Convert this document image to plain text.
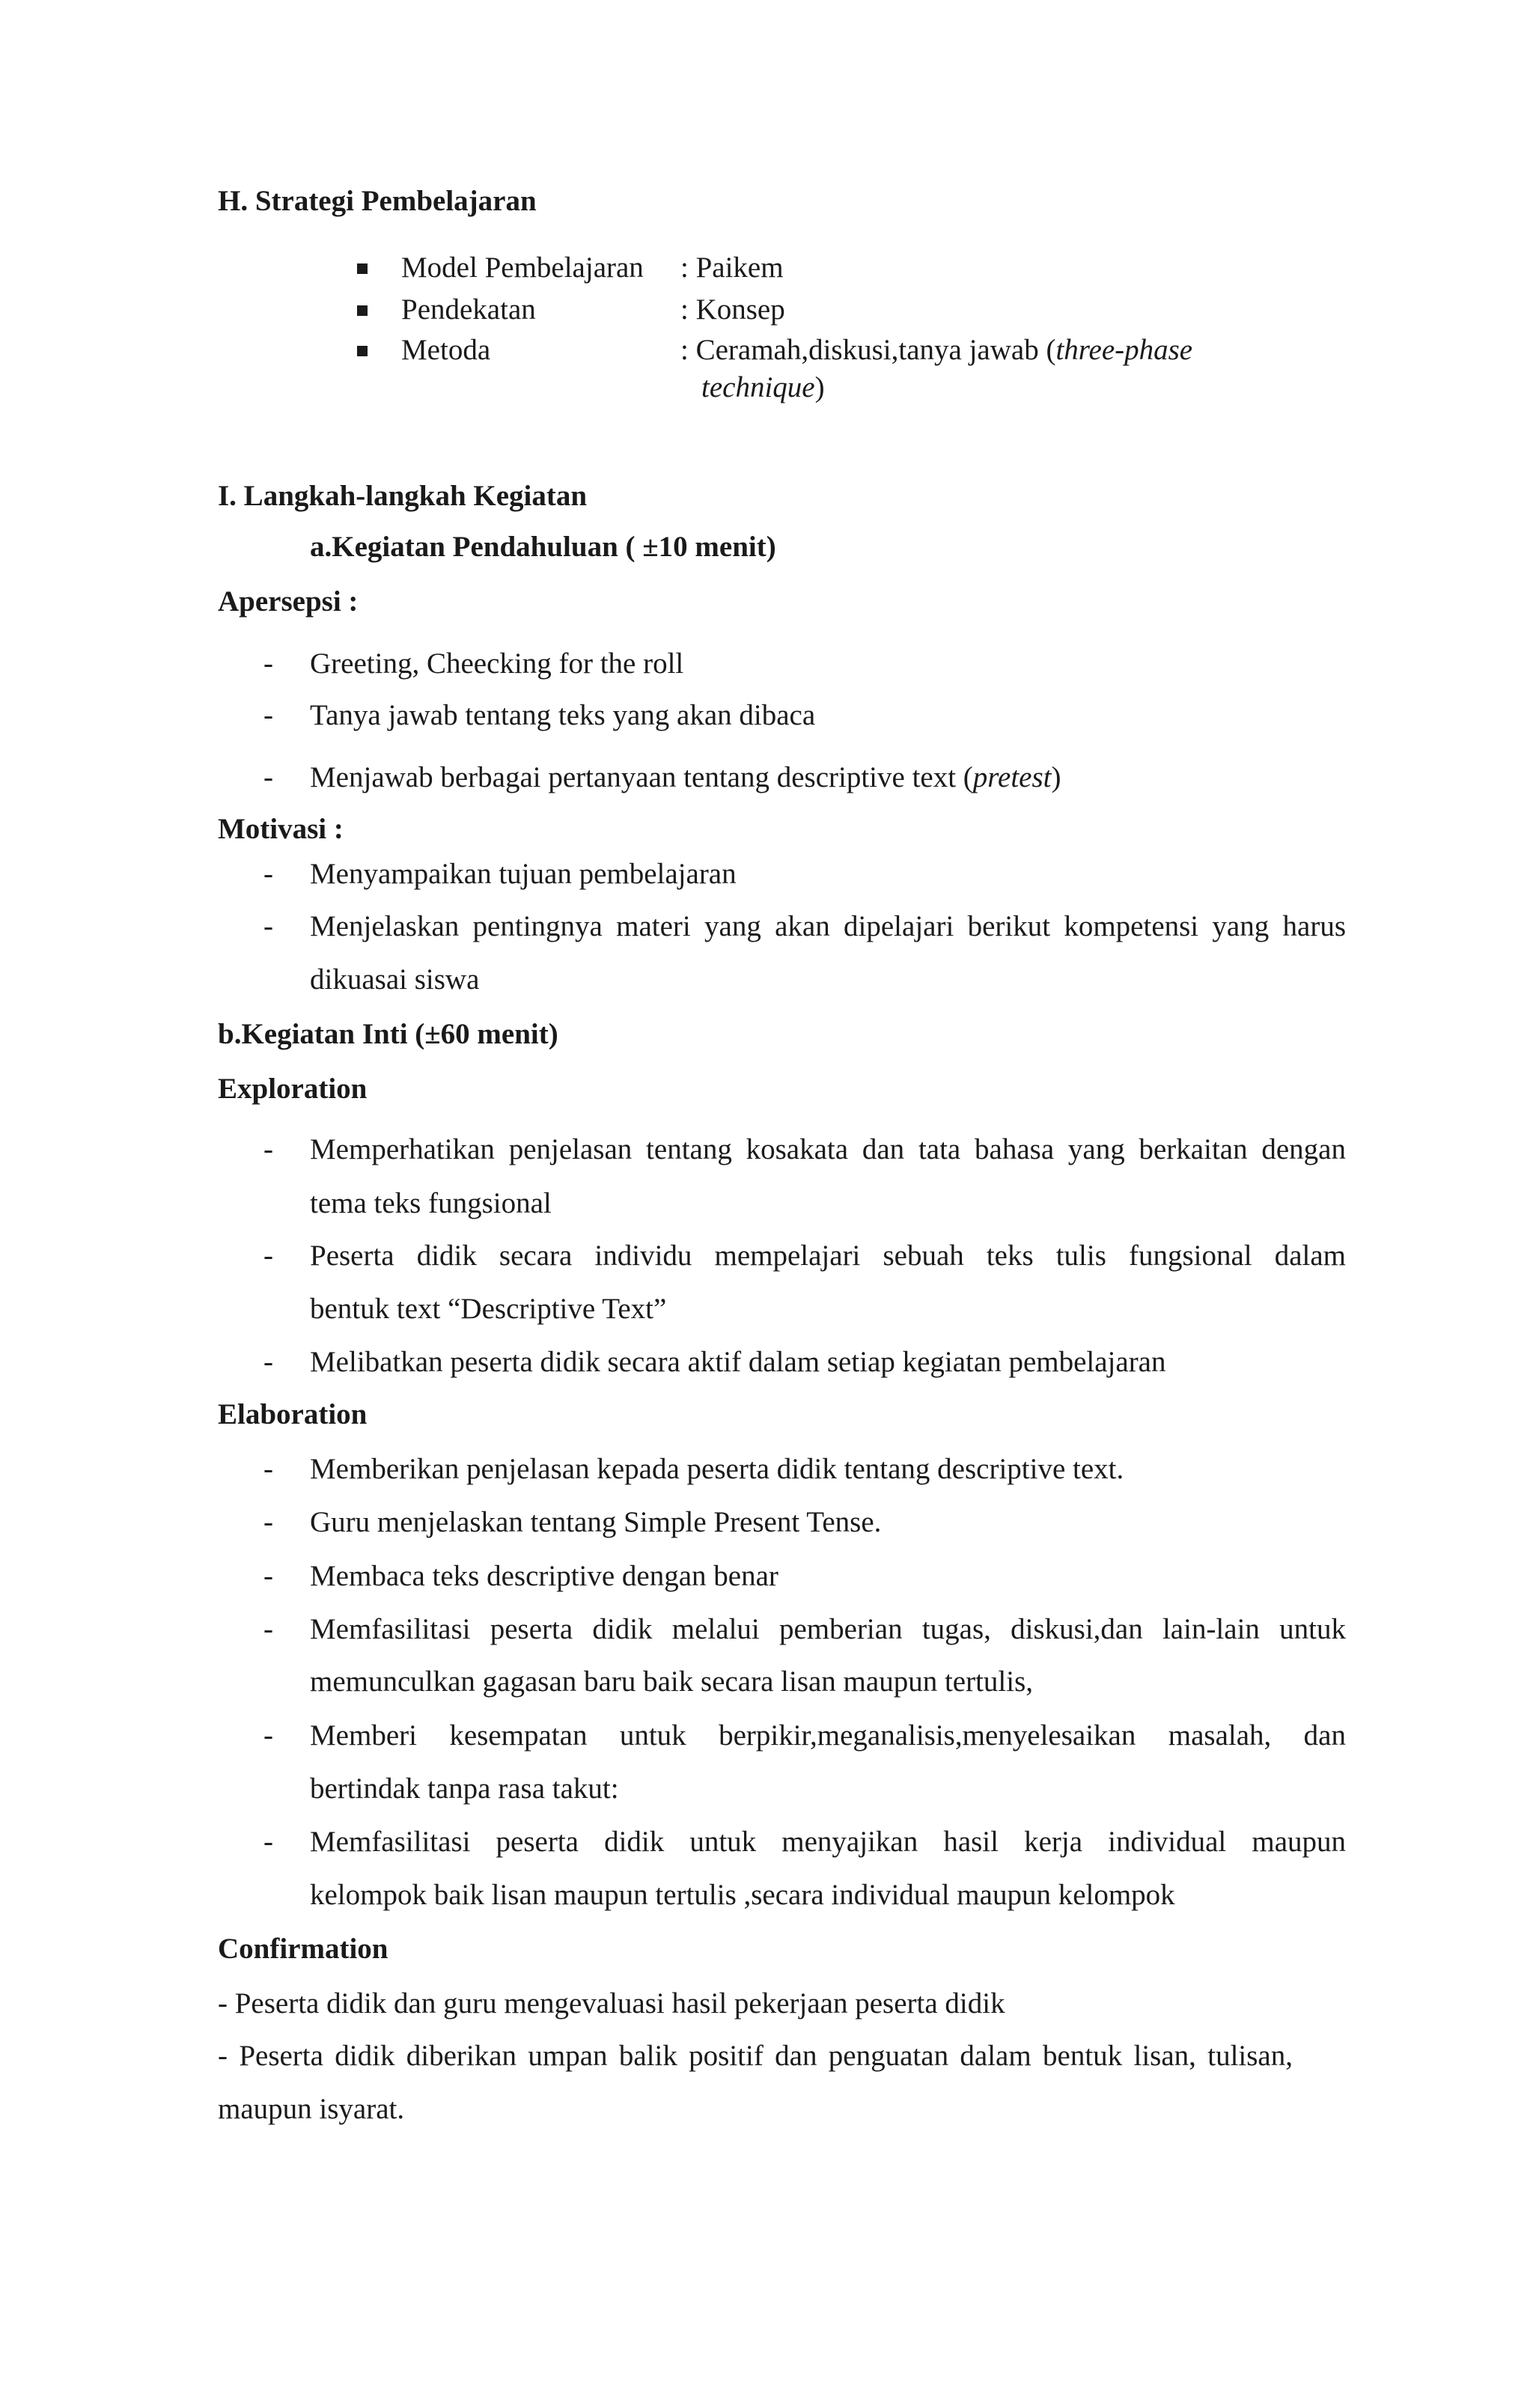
H. Strategi Pembelajaran
Model Pembelajaran : Paikem
Pendekatan	: Konsep
Metoda	: Ceramah,diskusi,tanya jawab (three-phase
technique)
I. Langkah-langkah Kegiatan
a.Kegiatan Pendahuluan ( ±10 menit)
Apersepsi :
- Greeting, Cheecking for the roll
- Tanya jawab tentang teks yang akan dibaca
- Menjawab berbagai pertanyaan tentang descriptive text (pretest)
Motivasi :
- Menyampaikan tujuan pembelajaran
- Menjelaskan pentingnya materi yang akan dipelajari berikut kompetensi yang harus
dikuasai siswa
b.Kegiatan Inti (±60 menit)
Exploration
- Memperhatikan penjelasan tentang kosakata dan tata bahasa yang berkaitan dengan
tema teks fungsional
- Peserta didik secara individu mempelajari sebuah teks tulis fungsional dalam
bentuk text “Descriptive Text”
- Melibatkan peserta didik secara aktif dalam setiap kegiatan pembelajaran
Elaboration
- Memberikan penjelasan kepada peserta didik tentang descriptive text.
- Guru menjelaskan tentang Simple Present Tense.
- Membaca teks descriptive dengan benar
- Memfasilitasi peserta didik melalui pemberian tugas, diskusi,dan lain-lain untuk
memunculkan gagasan baru baik secara lisan maupun tertulis,
- Memberi kesempatan untuk berpikir,meganalisis,menyelesaikan masalah, dan
bertindak tanpa rasa takut:
- Memfasilitasi peserta didik untuk menyajikan hasil kerja individual maupun
kelompok baik lisan maupun tertulis ,secara individual maupun kelompok
Confirmation
- Peserta didik dan guru mengevaluasi hasil pekerjaan peserta didik
- Peserta didik diberikan umpan balik positif dan penguatan dalam bentuk lisan, tulisan,
maupun isyarat.
